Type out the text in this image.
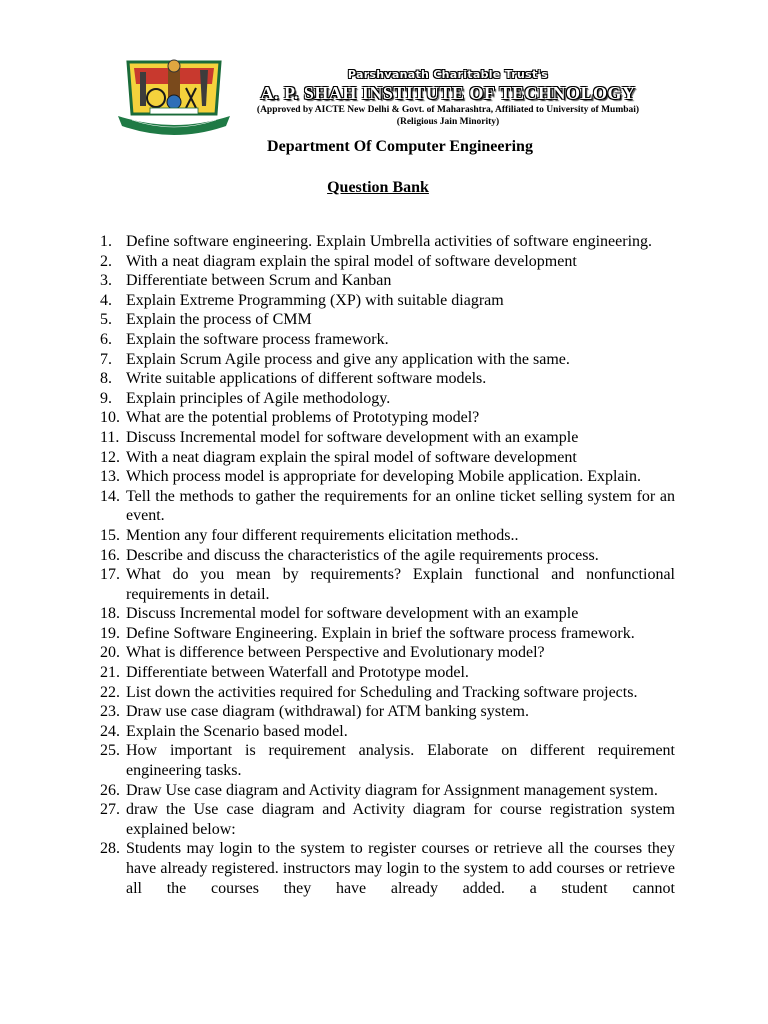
Parshvanath Charitable Trust's
A. P. SHAH INSTITUTE OF TECHNOLOGY
(Approved by AICTE New Delhi & Govt. of Maharashtra, Affiliated to University of Mumbai)
(Religious Jain Minority)
Department Of Computer Engineering
Question Bank
1. Define software engineering. Explain Umbrella activities of software engineering.
2. With a neat diagram explain the spiral model of software development
3. Differentiate between Scrum and Kanban
4. Explain Extreme Programming (XP) with suitable diagram
5. Explain the process of CMM
6. Explain the software process framework.
7. Explain Scrum Agile process and give any application with the same.
8. Write suitable applications of different software models.
9. Explain principles of Agile methodology.
10. What are the potential problems of Prototyping model?
11. Discuss Incremental model for software development with an example
12. With a neat diagram explain the spiral model of software development
13. Which process model is appropriate for developing Mobile application. Explain.
14. Tell the methods to gather the requirements for an online ticket selling system for an event.
15. Mention any four different requirements elicitation methods..
16. Describe and discuss the characteristics of the agile requirements process.
17. What do you mean by requirements? Explain functional and nonfunctional requirements in detail.
18. Discuss Incremental model for software development with an example
19. Define Software Engineering. Explain in brief the software process framework.
20. What is difference between Perspective and Evolutionary model?
21. Differentiate between Waterfall and Prototype model.
22. List down the activities required for Scheduling and Tracking software projects.
23. Draw use case diagram (withdrawal) for ATM banking system.
24. Explain the Scenario based model.
25. How important is requirement analysis. Elaborate on different requirement engineering tasks.
26. Draw Use case diagram and Activity diagram for Assignment management system.
27. draw the Use case diagram and Activity diagram for course registration system explained below:
28. Students may login to the system to register courses or retrieve all the courses they have already registered. instructors may login to the system to add courses or retrieve all the courses they have already added. a student cannot
